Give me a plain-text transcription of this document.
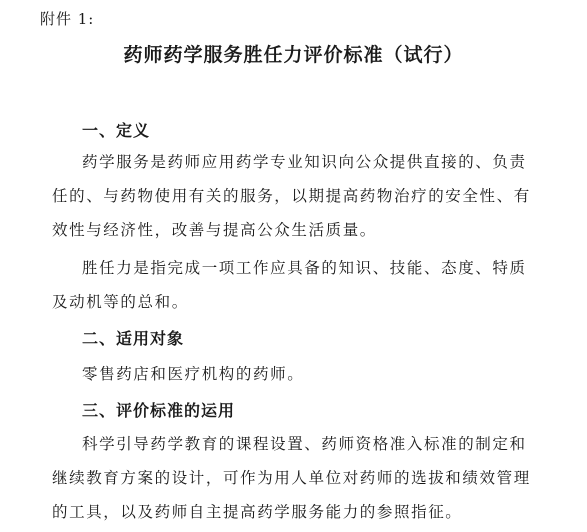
附件 1:
药师药学服务胜任力评价标准（试行）
一、定义
药学服务是药师应用药学专业知识向公众提供直接的、负责
任的、与药物使用有关的服务，以期提高药物治疗的安全性、有
效性与经济性，改善与提高公众生活质量。
胜任力是指完成一项工作应具备的知识、技能、态度、特质
及动机等的总和。
二、适用对象
零售药店和医疗机构的药师。
三、评价标准的运用
科学引导药学教育的课程设置、药师资格准入标准的制定和
继续教育方案的设计，可作为用人单位对药师的选拔和绩效管理
的工具，以及药师自主提高药学服务能力的参照指征。
